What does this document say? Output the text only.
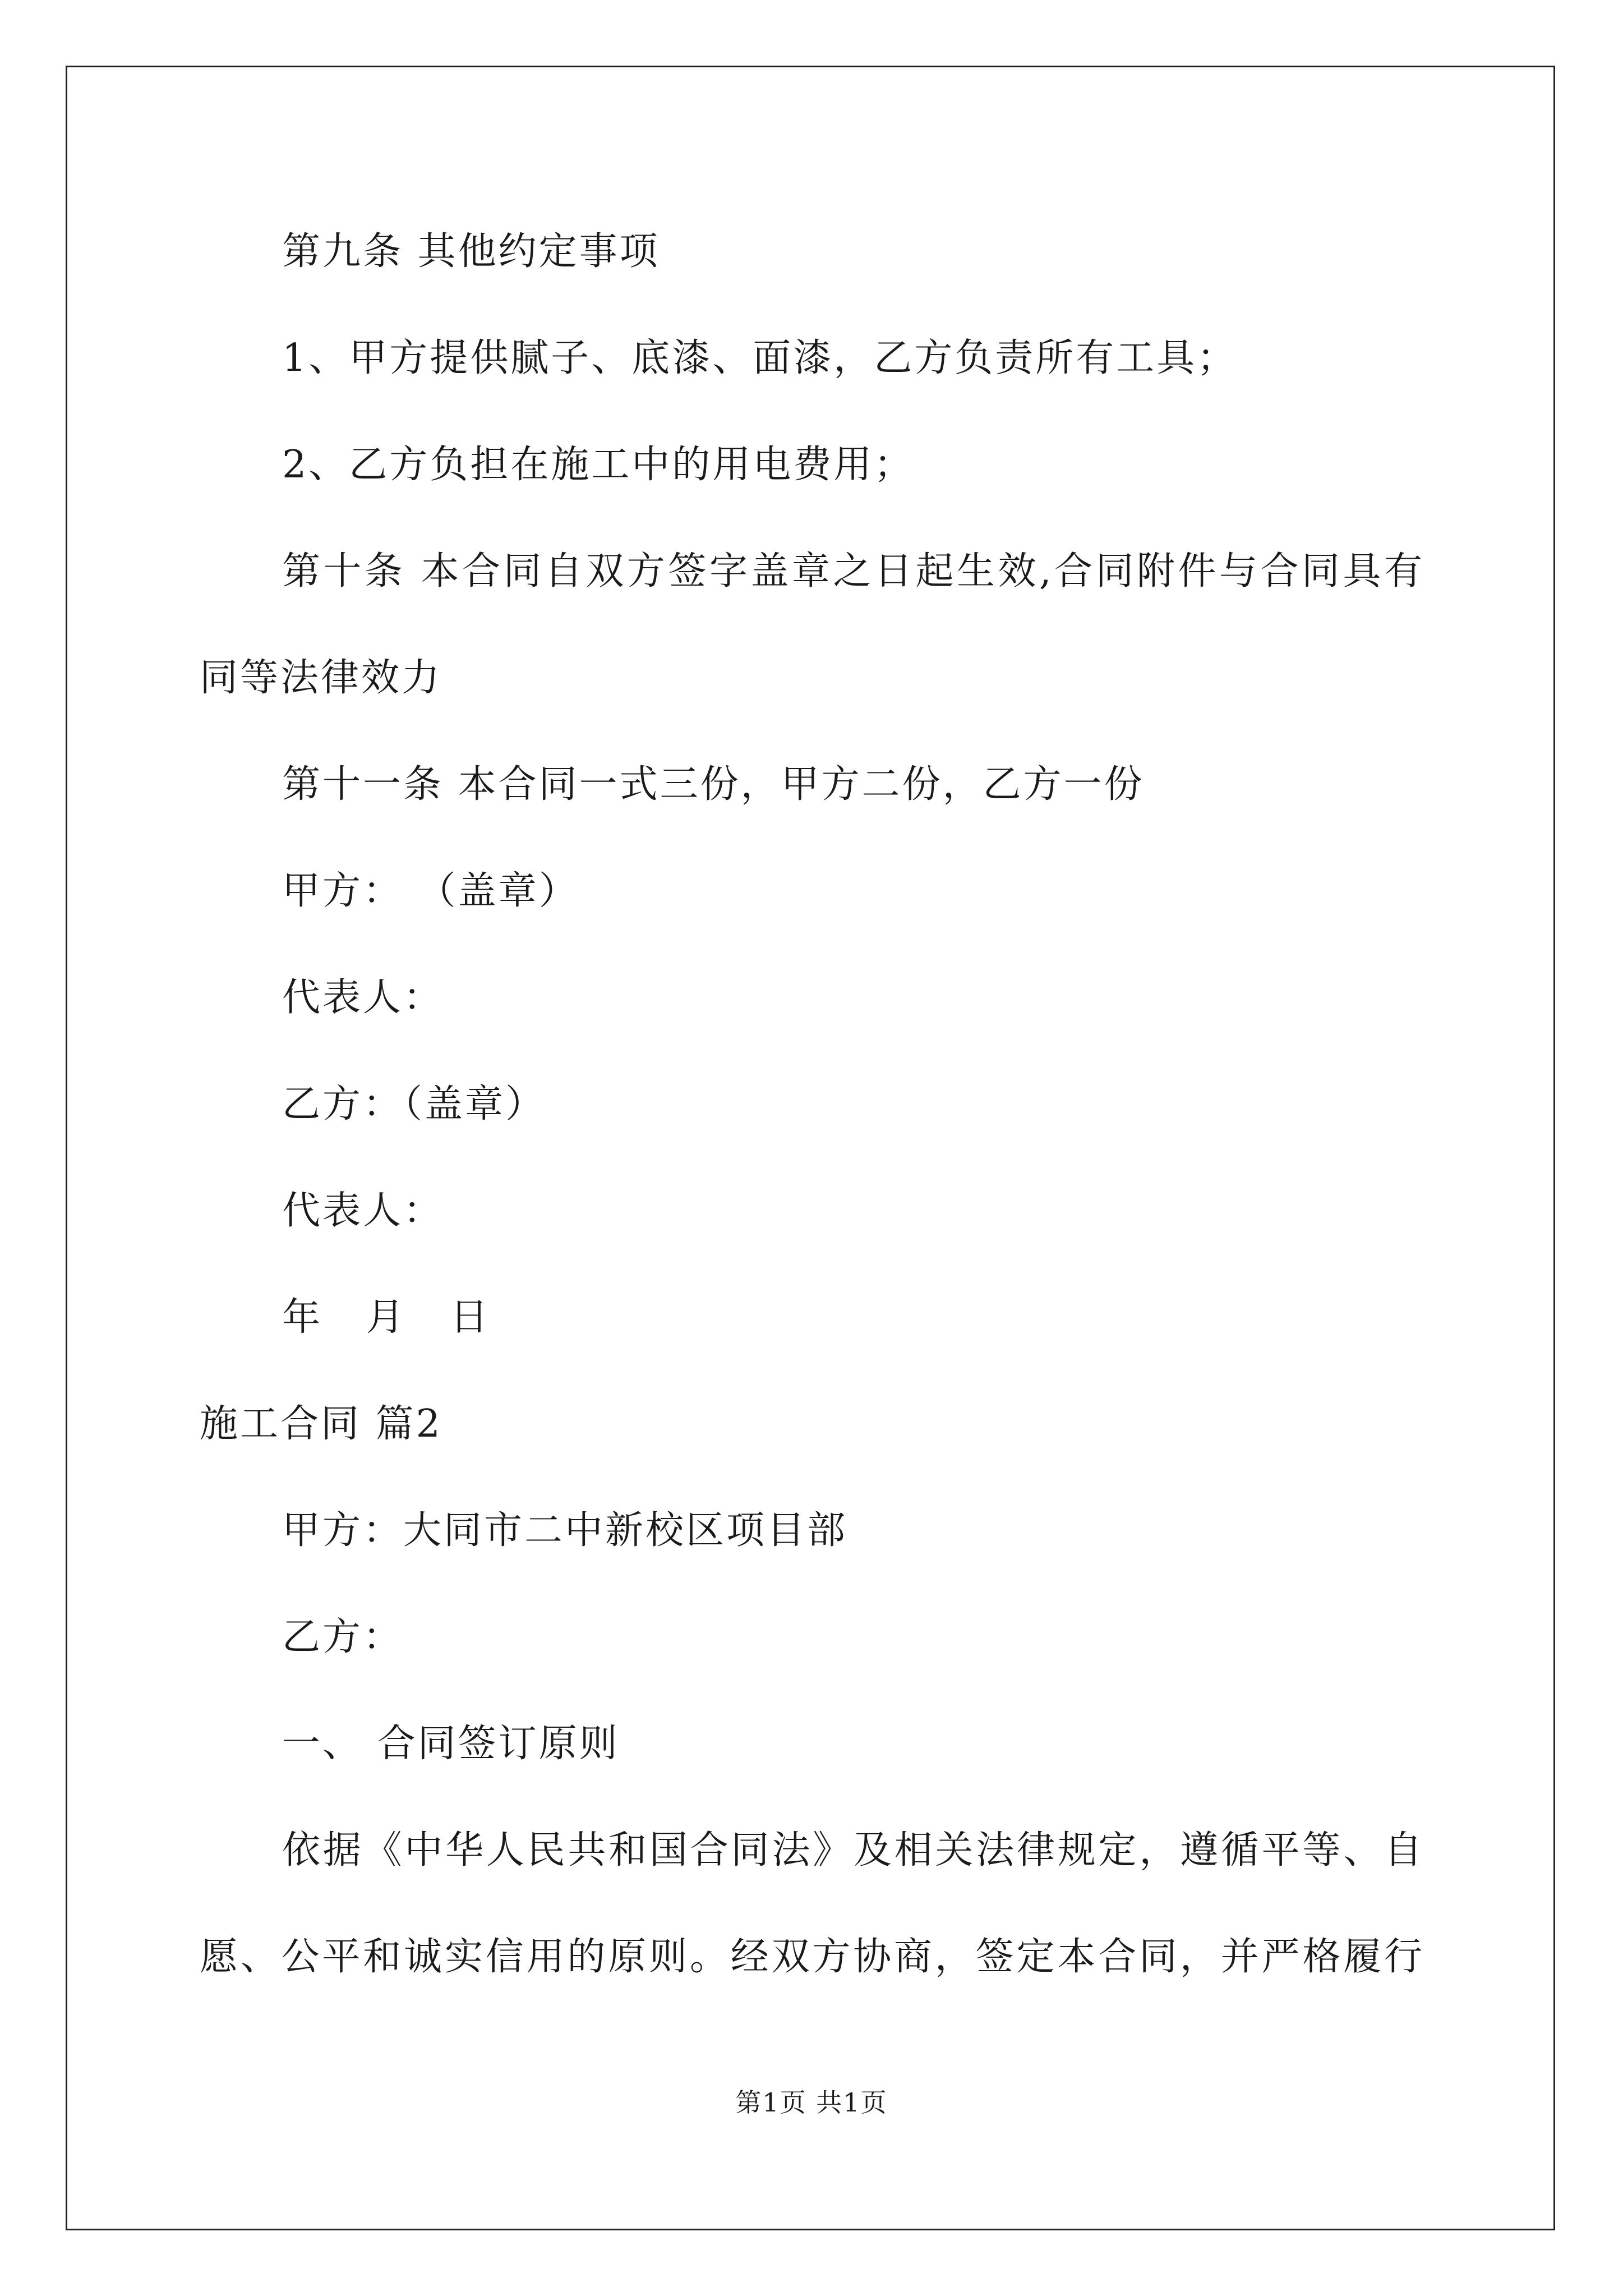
第九条 其他约定事项
1、甲方提供腻子、底漆、面漆，乙方负责所有工具；
2、乙方负担在施工中的用电费用；
第十条 本合同自双方签字盖章之日起生效,合同附件与合同具有
同等法律效力
第十一条 本合同一式三份，甲方二份，乙方一份
甲方： （盖章）
代表人：
乙方：（盖章）
代表人：
年 月 日
施工合同 篇2
甲方：大同市二中新校区项目部
乙方：
一、 合同签订原则
依据《中华人民共和国合同法》及相关法律规定，遵循平等、自
愿、公平和诚实信用的原则。经双方协商，签定本合同，并严格履行
第1页 共1页
